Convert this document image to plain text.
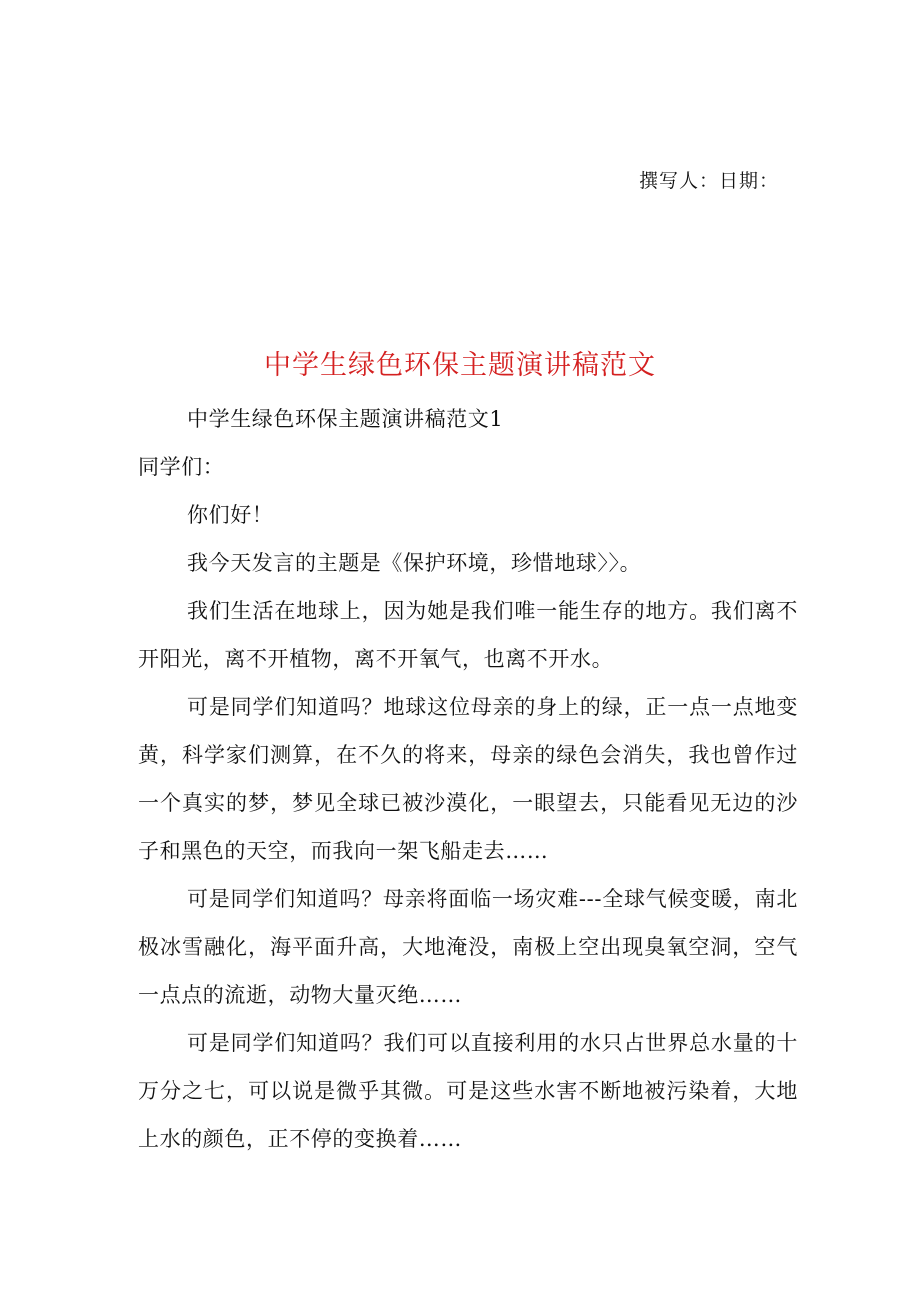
撰写人：日期：
中学生绿色环保主题演讲稿范文

中学生绿色环保主题演讲稿范文1

同学们：

你们好！

我今天发言的主题是《保护环境，珍惜地球〉〉。

我们生活在地球上，因为她是我们唯一能生存的地方。我们离不开阳光，离不开植物，离不开氧气，也离不开水。

可是同学们知道吗？地球这位母亲的身上的绿，正一点一点地变黄，科学家们测算，在不久的将来，母亲的绿色会消失，我也曾作过一个真实的梦，梦见全球已被沙漠化，一眼望去，只能看见无边的沙子和黑色的天空，而我向一架飞船走去……

可是同学们知道吗？母亲将面临一场灾难---全球气候变暖，南北极冰雪融化，海平面升高，大地淹没，南极上空出现臭氧空洞，空气一点点的流逝，动物大量灭绝……

可是同学们知道吗？我们可以直接利用的水只占世界总水量的十万分之七，可以说是微乎其微。可是这些水害不断地被污染着，大地上水的颜色，正不停的变换着……
